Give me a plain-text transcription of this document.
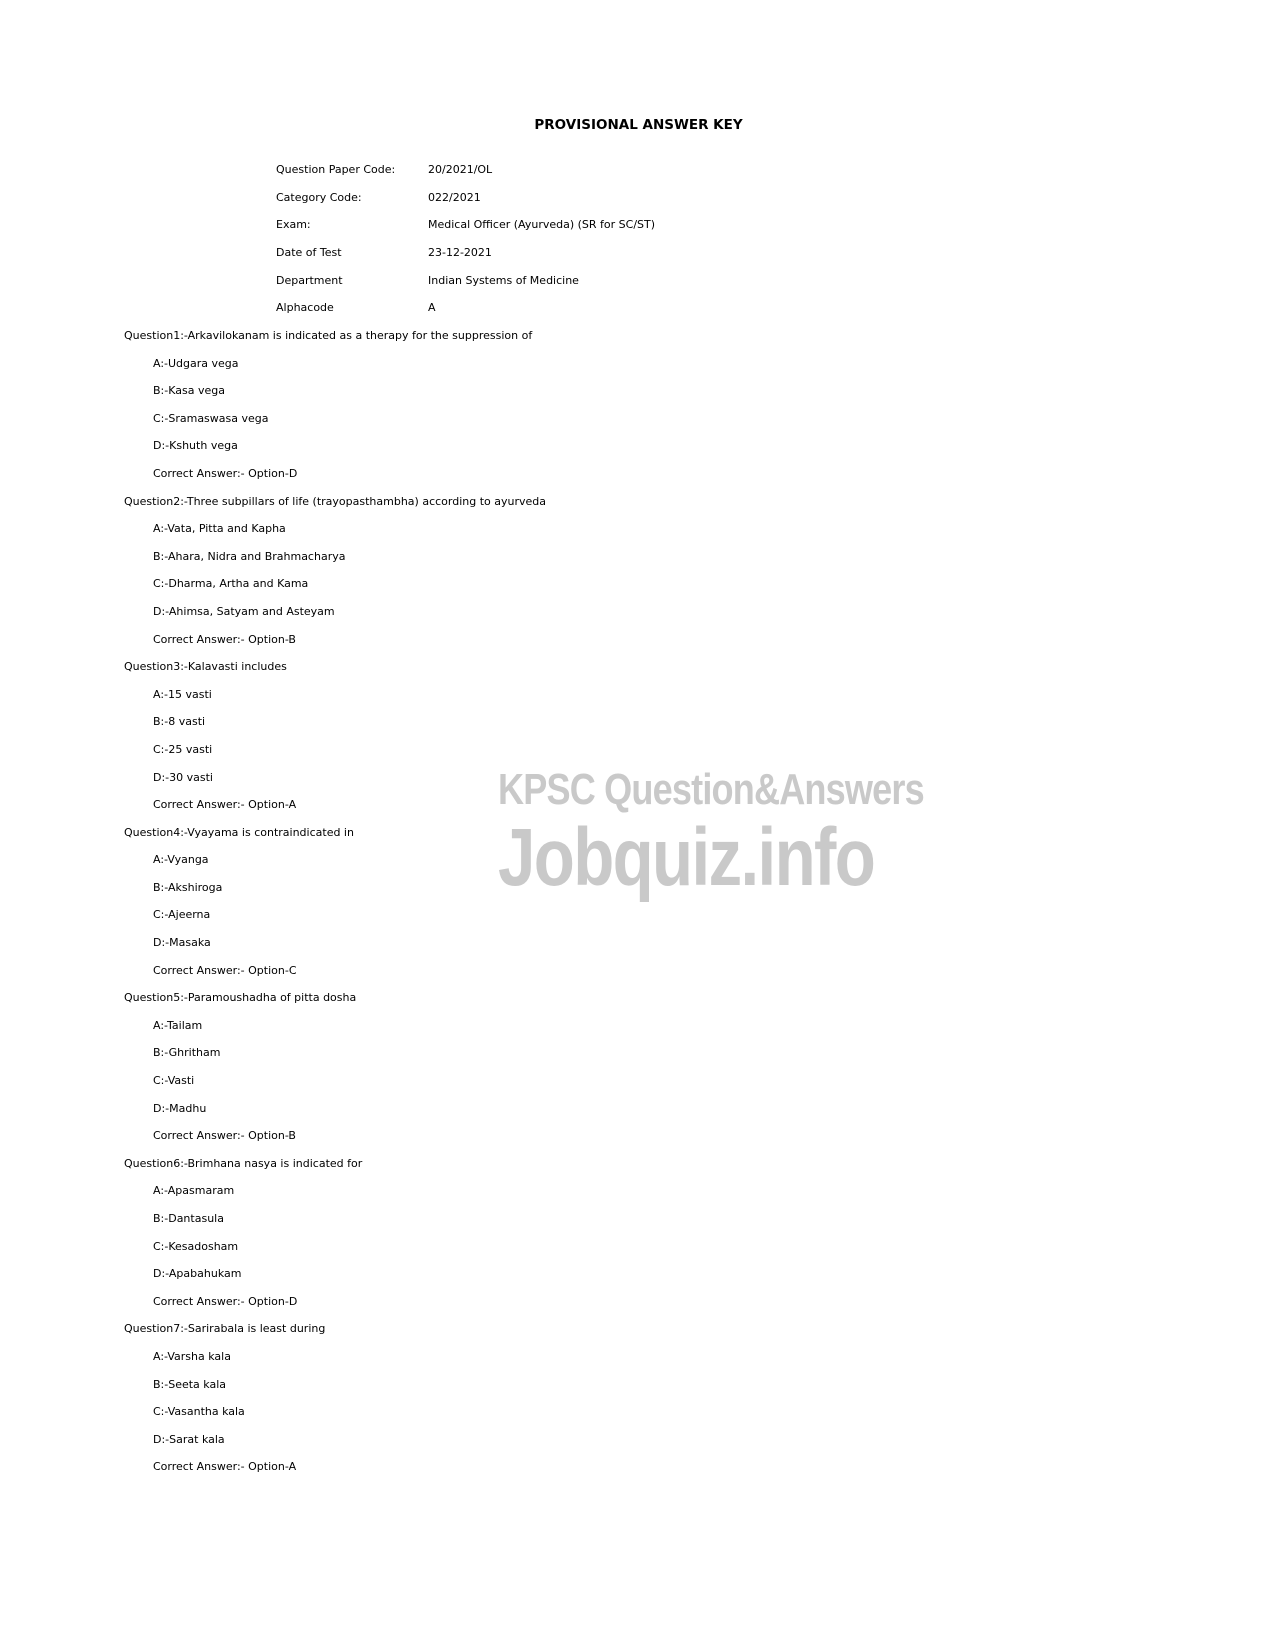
PROVISIONAL ANSWER KEY
Question Paper Code:	20/2021/OL
Category Code:	022/2021
Exam:	Medical Officer (Ayurveda) (SR for SC/ST)
Date of Test	23-12-2021
Department	Indian Systems of Medicine
Alphacode	A
Question1:-Arkavilokanam is indicated as a therapy for the suppression of
A:-Udgara vega
B:-Kasa vega
C:-Sramaswasa vega
D:-Kshuth vega
Correct Answer:- Option-D
Question2:-Three subpillars of life (trayopasthambha) according to ayurveda
A:-Vata, Pitta and Kapha
B:-Ahara, Nidra and Brahmacharya
C:-Dharma, Artha and Kama
D:-Ahimsa, Satyam and Asteyam
Correct Answer:- Option-B
Question3:-Kalavasti includes
A:-15 vasti
B:-8 vasti
C:-25 vasti
D:-30 vasti
Correct Answer:- Option-A
Question4:-Vyayama is contraindicated in
A:-Vyanga
B:-Akshiroga
C:-Ajeerna
D:-Masaka
Correct Answer:- Option-C
Question5:-Paramoushadha of pitta dosha
A:-Tailam
B:-Ghritham
C:-Vasti
D:-Madhu
Correct Answer:- Option-B
Question6:-Brimhana nasya is indicated for
A:-Apasmaram
B:-Dantasula
C:-Kesadosham
D:-Apabahukam
Correct Answer:- Option-D
Question7:-Sarirabala is least during
A:-Varsha kala
B:-Seeta kala
C:-Vasantha kala
D:-Sarat kala
Correct Answer:- Option-A
KPSC Question&Answers
Jobquiz.info
